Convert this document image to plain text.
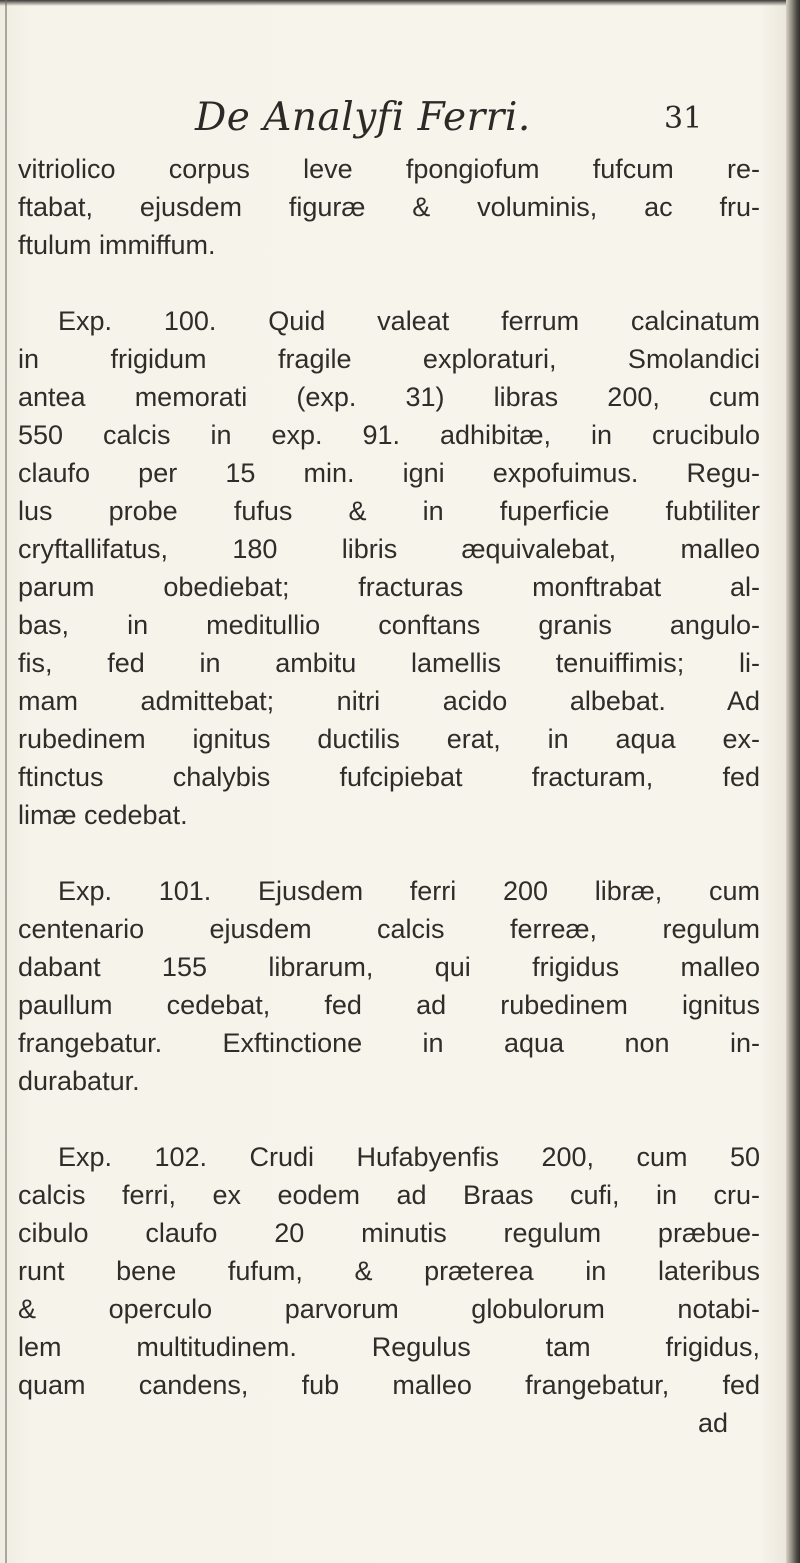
De Analyfi Ferri.	31
vitriolico corpus leve fpongiofum fufcum re-
ftabat, ejusdem figuræ & voluminis, ac fru-
ftulum immiffum.
Exp. 100. Quid valeat ferrum calcinatum
in frigidum fragile exploraturi, Smolandici
antea memorati (exp. 31) libras 200, cum
550 calcis in exp. 91. adhibitæ, in crucibulo
claufo per 15 min. igni expofuimus. Regu-
lus probe fufus & in fuperficie fubtiliter
cryftallifatus, 180 libris æquivalebat, malleo
parum obediebat; fracturas monftrabat al-
bas, in meditullio conftans granis angulo-
fis, fed in ambitu lamellis tenuiffimis; li-
mam admittebat; nitri acido albebat. Ad
rubedinem ignitus ductilis erat, in aqua ex-
ftinctus chalybis fufcipiebat fracturam, fed
limæ cedebat.
Exp. 101. Ejusdem ferri 200 libræ, cum
centenario ejusdem calcis ferreæ, regulum
dabant 155 librarum, qui frigidus malleo
paullum cedebat, fed ad rubedinem ignitus
frangebatur. Exftinctione in aqua non in-
durabatur.
Exp. 102. Crudi Hufabyenfis 200, cum 50
calcis ferri, ex eodem ad Braas cufi, in cru-
cibulo claufo 20 minutis regulum præbue-
runt bene fufum, & præterea in lateribus
& operculo parvorum globulorum notabi-
lem multitudinem. Regulus tam frigidus,
quam candens, fub malleo frangebatur, fed
ad
